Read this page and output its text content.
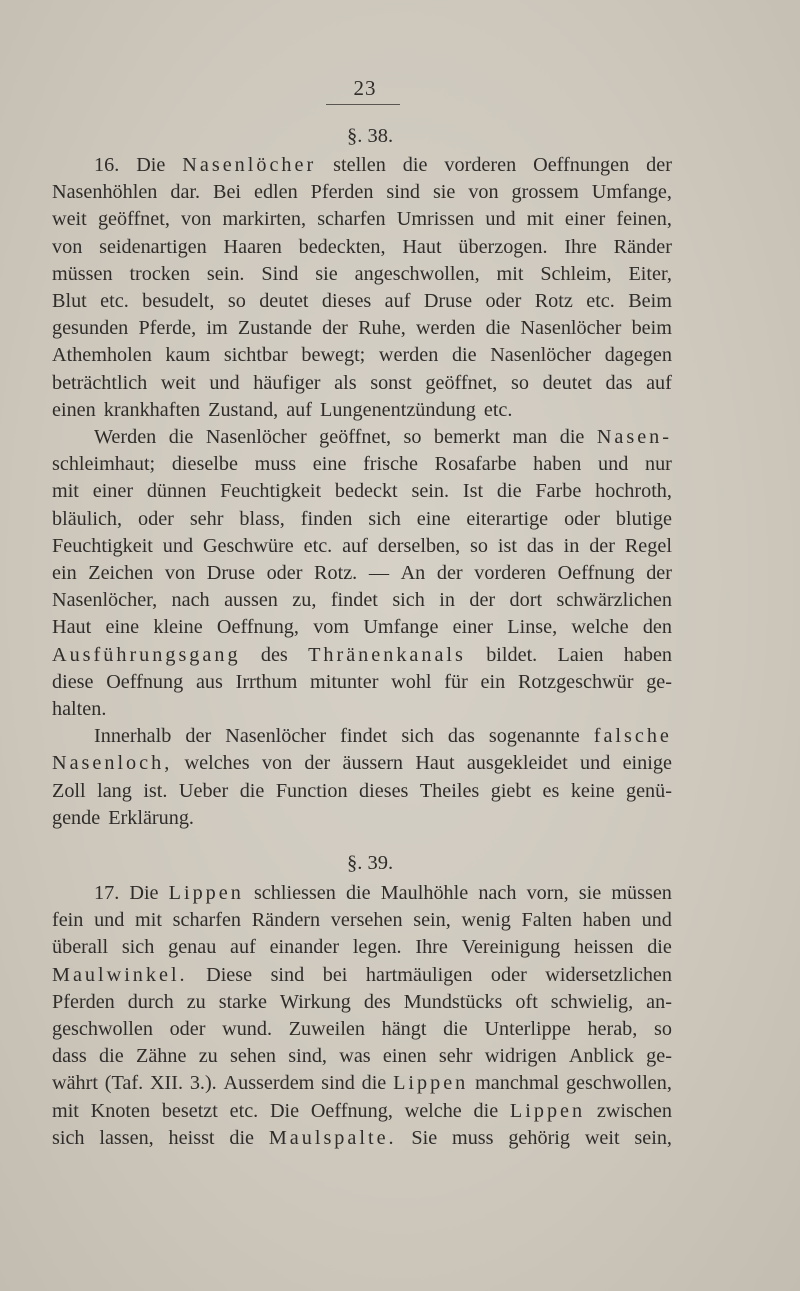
23
§. 38.
16. Die Nasenlöcher stellen die vorderen Oeffnungen der
Nasenhöhlen dar. Bei edlen Pferden sind sie von grossem Umfange,
weit geöffnet, von markirten, scharfen Umrissen und mit einer feinen,
von seidenartigen Haaren bedeckten, Haut überzogen. Ihre Ränder
müssen trocken sein. Sind sie angeschwollen, mit Schleim, Eiter,
Blut etc. besudelt, so deutet dieses auf Druse oder Rotz etc. Beim
gesunden Pferde, im Zustande der Ruhe, werden die Nasenlöcher beim
Athemholen kaum sichtbar bewegt; werden die Nasenlöcher dagegen
beträchtlich weit und häufiger als sonst geöffnet, so deutet das auf
einen krankhaften Zustand, auf Lungenentzündung etc.
Werden die Nasenlöcher geöffnet, so bemerkt man die Nasen-
schleimhaut; dieselbe muss eine frische Rosafarbe haben und nur
mit einer dünnen Feuchtigkeit bedeckt sein. Ist die Farbe hochroth,
bläulich, oder sehr blass, finden sich eine eiterartige oder blutige
Feuchtigkeit und Geschwüre etc. auf derselben, so ist das in der Regel
ein Zeichen von Druse oder Rotz. — An der vorderen Oeffnung der
Nasenlöcher, nach aussen zu, findet sich in der dort schwärzlichen
Haut eine kleine Oeffnung, vom Umfange einer Linse, welche den
Ausführungsgang des Thränenkanals bildet. Laien haben
diese Oeffnung aus Irrthum mitunter wohl für ein Rotzgeschwür ge-
halten.
Innerhalb der Nasenlöcher findet sich das sogenannte falsche
Nasenloch, welches von der äussern Haut ausgekleidet und einige
Zoll lang ist. Ueber die Function dieses Theiles giebt es keine genü-
gende Erklärung.
§. 39.
17. Die Lippen schliessen die Maulhöhle nach vorn, sie müssen
fein und mit scharfen Rändern versehen sein, wenig Falten haben und
überall sich genau auf einander legen. Ihre Vereinigung heissen die
Maulwinkel. Diese sind bei hartmäuligen oder widersetzlichen
Pferden durch zu starke Wirkung des Mundstücks oft schwielig, an-
geschwollen oder wund. Zuweilen hängt die Unterlippe herab, so
dass die Zähne zu sehen sind, was einen sehr widrigen Anblick ge-
währt (Taf. XII. 3.). Ausserdem sind die Lippen manchmal geschwollen,
mit Knoten besetzt etc. Die Oeffnung, welche die Lippen zwischen
sich lassen, heisst die Maulspalte. Sie muss gehörig weit sein,
